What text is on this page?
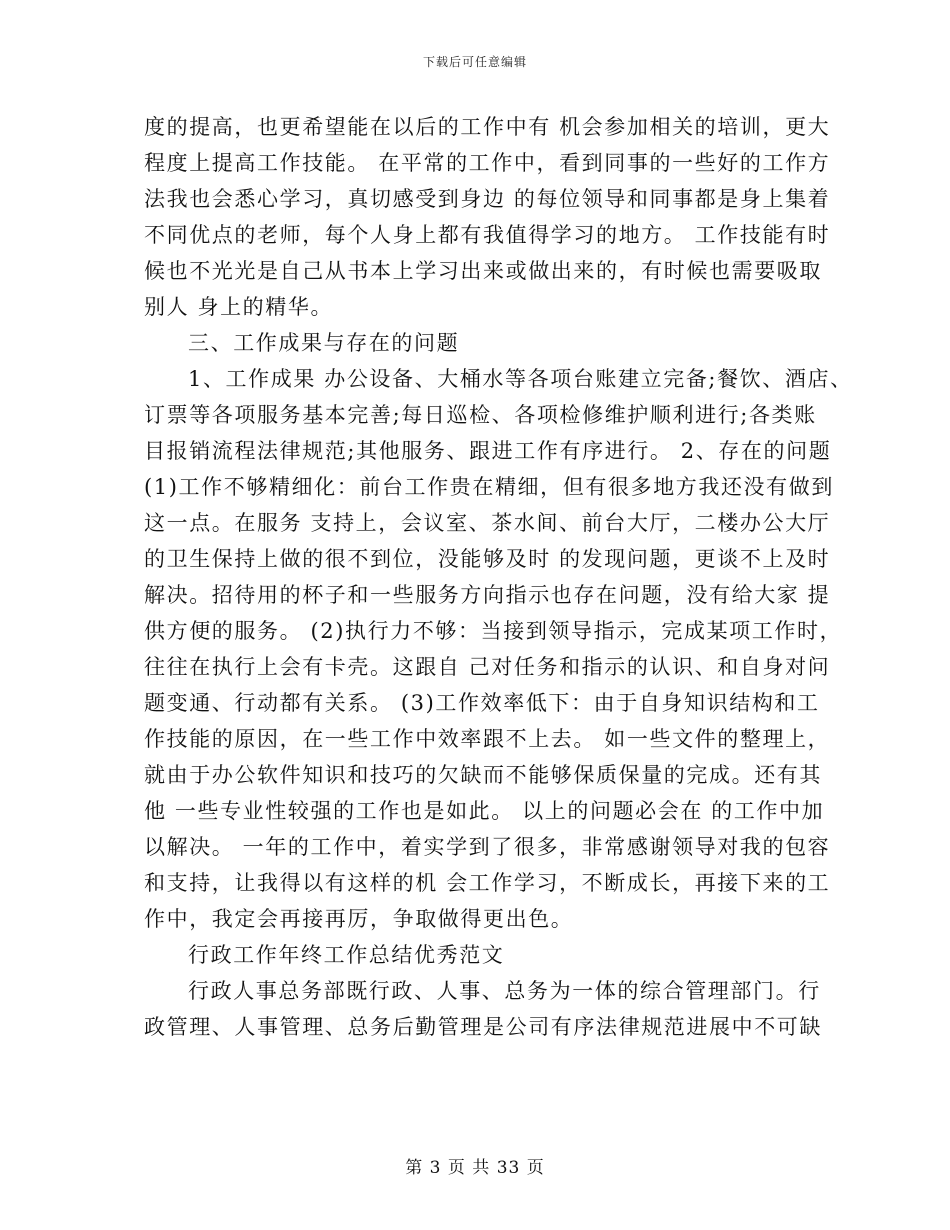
下载后可任意编辑
度的提高，也更希望能在以后的工作中有 机会参加相关的培训，更大
程度上提高工作技能。 在平常的工作中，看到同事的一些好的工作方
法我也会悉心学习，真切感受到身边 的每位领导和同事都是身上集着
不同优点的老师，每个人身上都有我值得学习的地方。 工作技能有时
候也不光光是自己从书本上学习出来或做出来的，有时候也需要吸取
别人 身上的精华。
三、工作成果与存在的问题
1、工作成果 办公设备、大桶水等各项台账建立完备;餐饮、酒店、
订票等各项服务基本完善;每日巡检、各项检修维护顺利进行;各类账
目报销流程法律规范;其他服务、跟进工作有序进行。 2、存在的问题
(1)工作不够精细化：前台工作贵在精细，但有很多地方我还没有做到
这一点。在服务 支持上，会议室、茶水间、前台大厅，二楼办公大厅
的卫生保持上做的很不到位，没能够及时 的发现问题，更谈不上及时
解决。招待用的杯子和一些服务方向指示也存在问题，没有给大家 提
供方便的服务。 (2)执行力不够：当接到领导指示，完成某项工作时，
往往在执行上会有卡壳。这跟自 己对任务和指示的认识、和自身对问
题变通、行动都有关系。 (3)工作效率低下：由于自身知识结构和工
作技能的原因，在一些工作中效率跟不上去。 如一些文件的整理上，
就由于办公软件知识和技巧的欠缺而不能够保质保量的完成。还有其
他 一些专业性较强的工作也是如此。 以上的问题必会在 的工作中加
以解决。 一年的工作中，着实学到了很多，非常感谢领导对我的包容
和支持，让我得以有这样的机 会工作学习，不断成长，再接下来的工
作中，我定会再接再厉，争取做得更出色。
行政工作年终工作总结优秀范文
行政人事总务部既行政、人事、总务为一体的综合管理部门。行
政管理、人事管理、总务后勤管理是公司有序法律规范进展中不可缺
第 3 页 共 33 页
